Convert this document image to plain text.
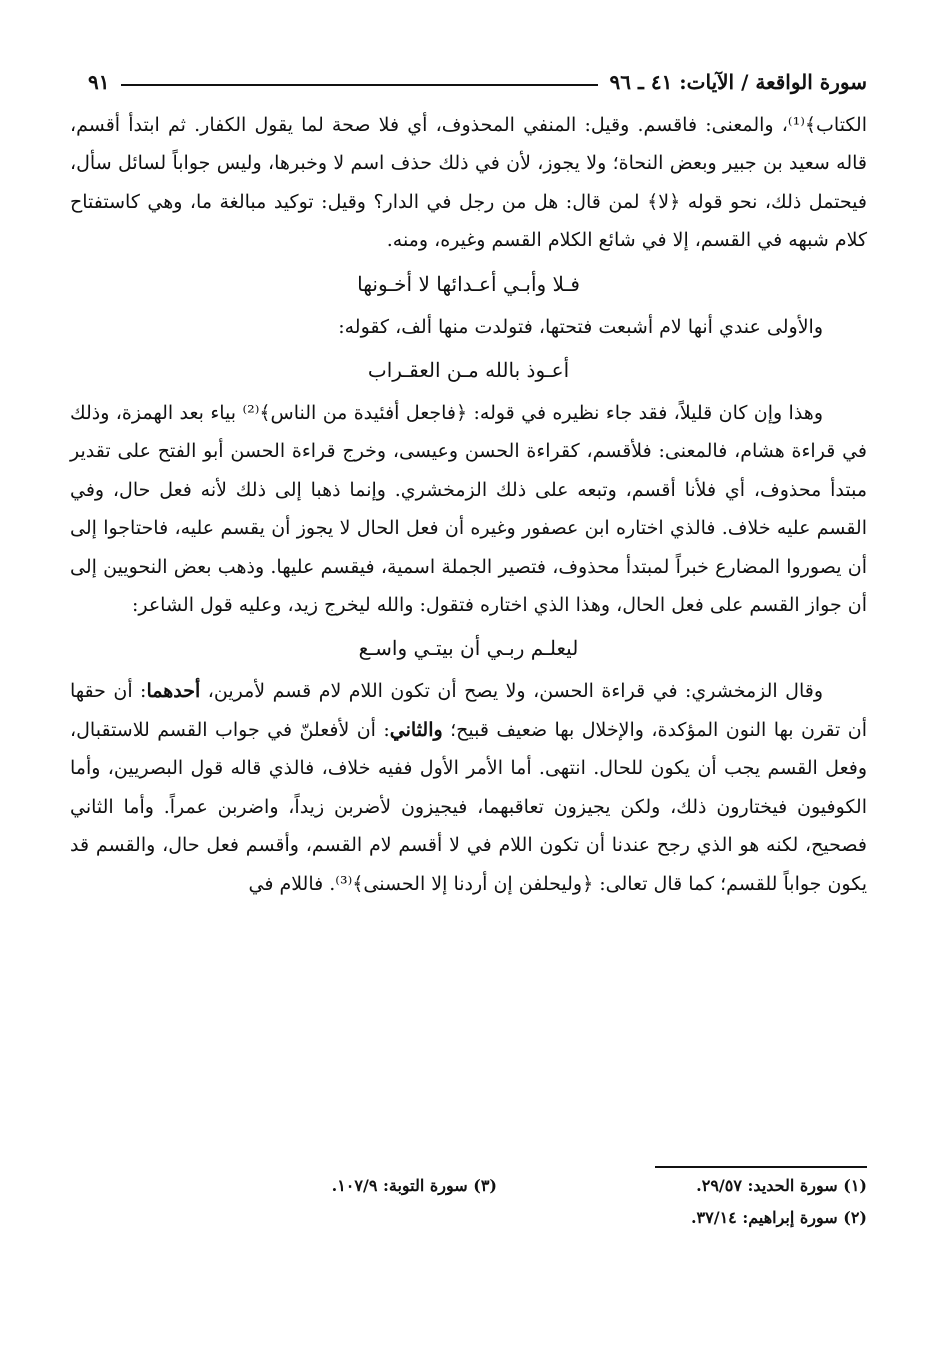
سورة الواقعة / الآيات: ٤١ ـ ٩٦
٩١

الكتاب﴾⁽¹⁾، والمعنى: فاقسم. وقيل: المنفي المحذوف، أي فلا صحة لما يقول الكفار. ثم ابتدأ أقسم، قاله سعيد بن جبير وبعض النحاة؛ ولا يجوز، لأن في ذلك حذف اسم لا وخبرها، وليس جواباً لسائل سأل، فيحتمل ذلك، نحو قوله ﴿لا﴾ لمن قال: هل من رجل في الدار؟ وقيل: توكيد مبالغة ما، وهي كاستفتاح كلام شبهه في القسم، إلا في شائع الكلام القسم وغيره، ومنه.

فـلا وأبـي أعـدائها لا أخـونها

والأولى عندي أنها لام أشبعت فتحتها، فتولدت منها ألف، كقوله:

أعـوذ بالله مـن العقـراب

وهذا وإن كان قليلاً، فقد جاء نظيره في قوله: ﴿فاجعل أفئيدة من الناس﴾⁽²⁾ بياء بعد الهمزة، وذلك في قراءة هشام، فالمعنى: فلأقسم، كقراءة الحسن وعيسى، وخرج قراءة الحسن أبو الفتح على تقدير مبتدأ محذوف، أي فلأنا أقسم، وتبعه على ذلك الزمخشري. وإنما ذهبا إلى ذلك لأنه فعل حال، وفي القسم عليه خلاف. فالذي اختاره ابن عصفور وغيره أن فعل الحال لا يجوز أن يقسم عليه، فاحتاجوا إلى أن يصوروا المضارع خبراً لمبتدأ محذوف، فتصير الجملة اسمية، فيقسم عليها. وذهب بعض النحويين إلى أن جواز القسم على فعل الحال، وهذا الذي اختاره فتقول: والله ليخرج زيد، وعليه قول الشاعر:

ليعلـم ربـي أن بيتـي واسـع

وقال الزمخشري: في قراءة الحسن، ولا يصح أن تكون اللام لام قسم لأمرين، أحدهما: أن حقها أن تقرن بها النون المؤكدة، والإخلال بها ضعيف قبيح؛ والثاني: أن لأفعلنّ في جواب القسم للاستقبال، وفعل القسم يجب أن يكون للحال. انتهى. أما الأمر الأول ففيه خلاف، فالذي قاله قول البصريين، وأما الكوفيون فيختارون ذلك، ولكن يجيزون تعاقبهما، فيجيزون لأضربن زيداً، واضربن عمراً. وأما الثاني فصحيح، لكنه هو الذي رجح عندنا أن تكون اللام في لا أقسم لام القسم، وأقسم فعل حال، والقسم قد يكون جواباً للقسم؛ كما قال تعالى: ﴿وليحلفن إن أردنا إلا الحسنى﴾⁽³⁾. فاللام في

(١) سورة الحديد: ٢٩/٥٧.
(٢) سورة إبراهيم: ٣٧/١٤.
(٣) سورة التوبة: ١٠٧/٩.
